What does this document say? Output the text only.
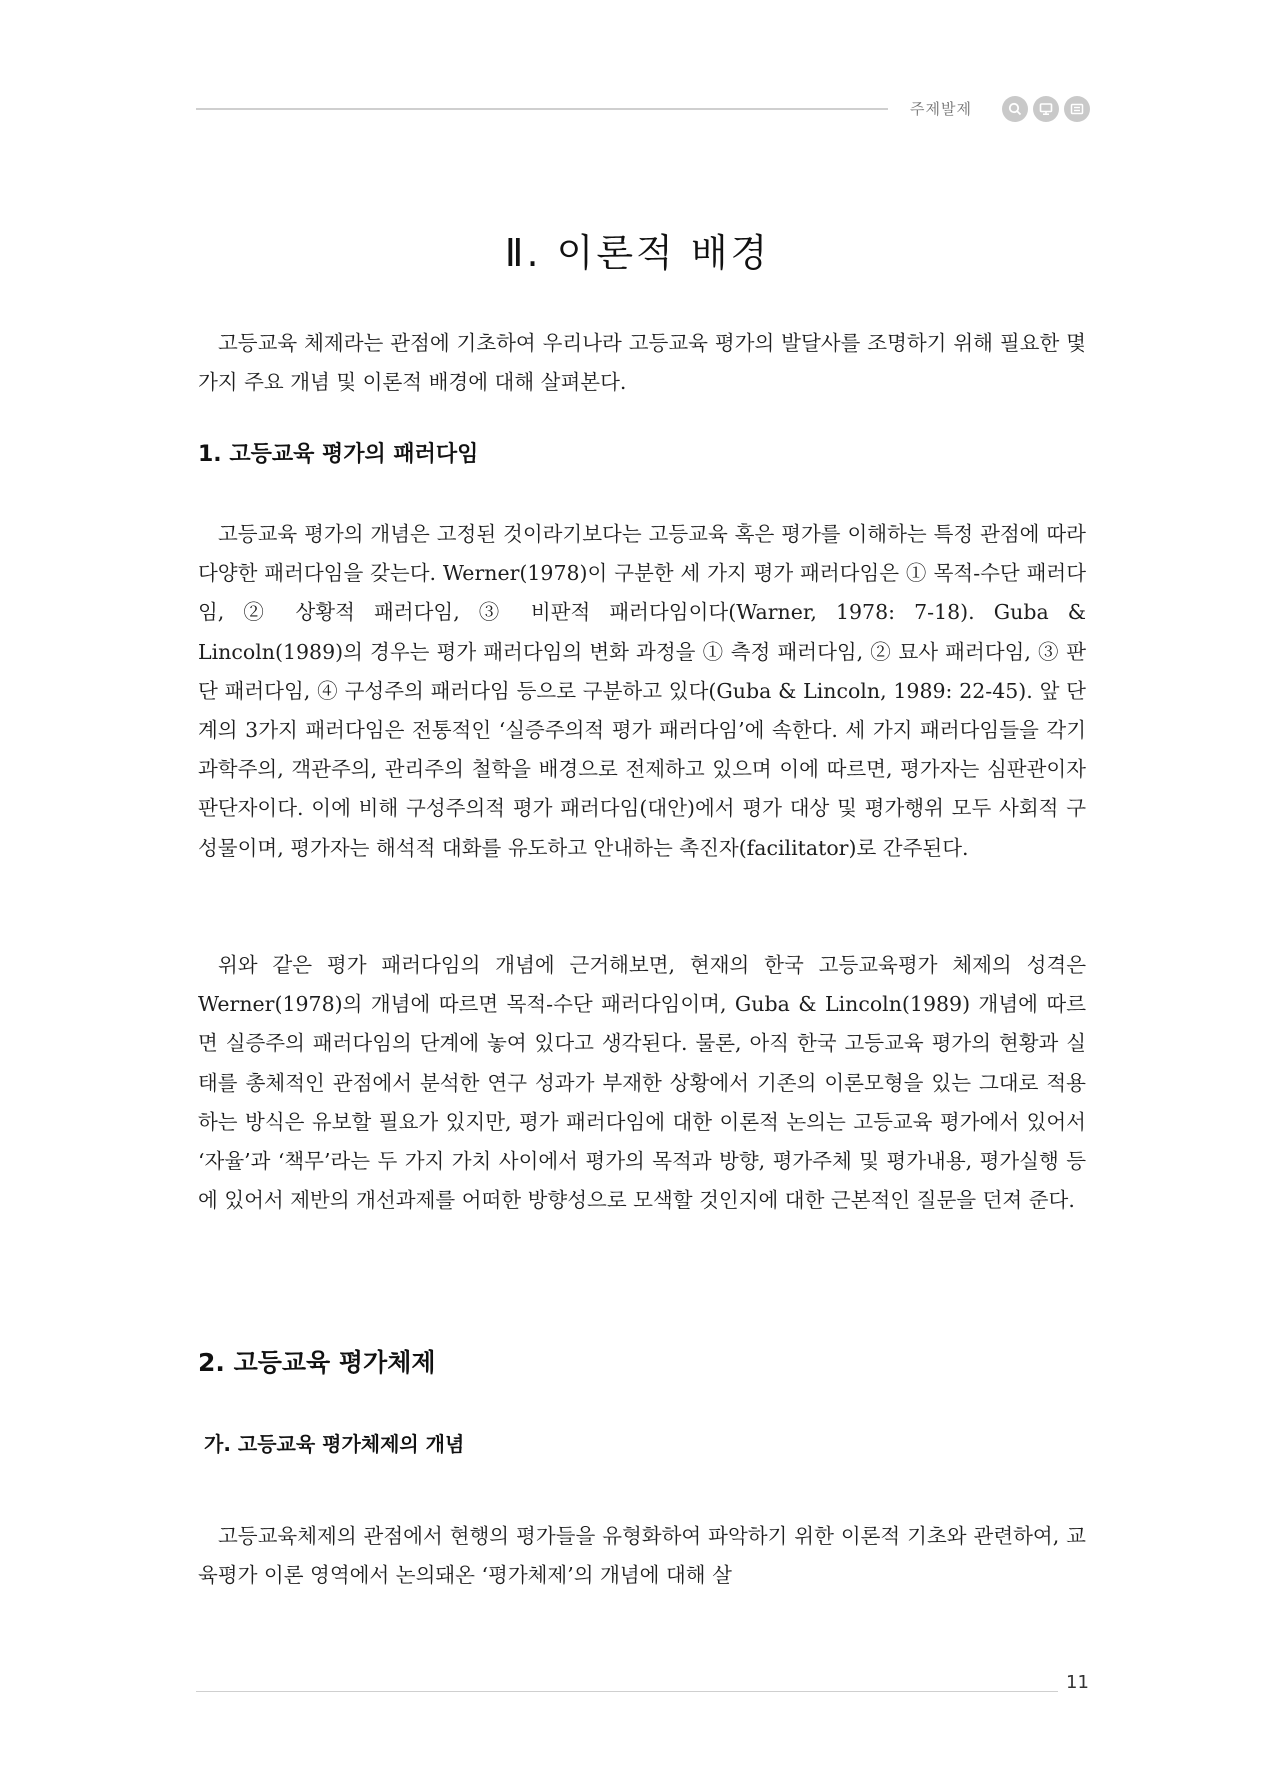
주제발제
Ⅱ. 이론적 배경

고등교육 체제라는 관점에 기초하여 우리나라 고등교육 평가의 발달사를 조명하기 위해 필요한 몇 가지 주요 개념 및 이론적 배경에 대해 살펴본다.

1. 고등교육 평가의 패러다임

고등교육 평가의 개념은 고정된 것이라기보다는 고등교육 혹은 평가를 이해하는 특정 관점에 따라 다양한 패러다임을 갖는다. Werner(1978)이 구분한 세 가지 평가 패러다임은 ① 목적-수단 패러다임, ② 상황적 패러다임, ③ 비판적 패러다임이다(Warner, 1978: 7-18). Guba & Lincoln(1989)의 경우는 평가 패러다임의 변화 과정을 ① 측정 패러다임, ② 묘사 패러다임, ③ 판단 패러다임, ④ 구성주의 패러다임 등으로 구분하고 있다(Guba & Lincoln, 1989: 22-45). 앞 단계의 3가지 패러다임은 전통적인 ‘실증주의적 평가 패러다임’에 속한다. 세 가지 패러다임들을 각기 과학주의, 객관주의, 관리주의 철학을 배경으로 전제하고 있으며 이에 따르면, 평가자는 심판관이자 판단자이다. 이에 비해 구성주의적 평가 패러다임(대안)에서 평가 대상 및 평가행위 모두 사회적 구성물이며, 평가자는 해석적 대화를 유도하고 안내하는 촉진자(facilitator)로 간주된다.

위와 같은 평가 패러다임의 개념에 근거해보면, 현재의 한국 고등교육평가 체제의 성격은 Werner(1978)의 개념에 따르면 목적-수단 패러다임이며, Guba & Lincoln(1989) 개념에 따르면 실증주의 패러다임의 단계에 놓여 있다고 생각된다. 물론, 아직 한국 고등교육 평가의 현황과 실태를 총체적인 관점에서 분석한 연구 성과가 부재한 상황에서 기존의 이론모형을 있는 그대로 적용하는 방식은 유보할 필요가 있지만, 평가 패러다임에 대한 이론적 논의는 고등교육 평가에서 있어서 ‘자율’과 ‘책무’라는 두 가지 가치 사이에서 평가의 목적과 방향, 평가주체 및 평가내용, 평가실행 등에 있어서 제반의 개선과제를 어떠한 방향성으로 모색할 것인지에 대한 근본적인 질문을 던져 준다.

2. 고등교육 평가체제
가. 고등교육 평가체제의 개념

고등교육체제의 관점에서 현행의 평가들을 유형화하여 파악하기 위한 이론적 기초와 관련하여, 교육평가 이론 영역에서 논의돼온 ‘평가체제’의 개념에 대해 살

11
